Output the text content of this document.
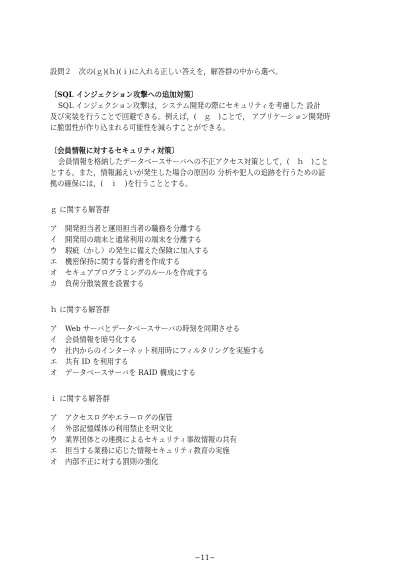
設問２　次の(ｇ)(ｈ)(ｉ)に入れる正しい答えを，解答群の中から選べ。

〔SQL インジェクション攻撃への追加対策〕

SQL インジェクション攻撃は，システム開発の際にセキュリティを考慮した 設計

及び実装を行うことで回避できる。例えば，(　ｇ　)ことで， アプリケーション開発時

に脆弱性が作り込まれる可能性を減らすことができる。

〔会員情報に対するセキュリティ対策〕

会員情報を格納したデータベースサーバへの不正アクセス対策として，(　ｈ　)こと

とする。また，情報漏えいが発生した場合の原因の 分析や犯人の追跡を行うための証

拠の確保には，(　ｉ　)を行うこととする。

ｇ に関する解答群

ア	開発担当者と運用担当者の職務を分離する
イ	開発用の端末と通常利用の端末を分離する
ウ	瑕疵（かし）の発生に備えた保険に加入する
エ	機密保持に関する誓約書を作成する
オ	セキュアプログラミングのルールを作成する
カ	負荷分散装置を設置する

ｈ に関する解答群

ア	Web サーバとデータベースサーバの時刻を同期させる
イ	会員情報を暗号化する
ウ	社内からのインターネット利用時にフィルタリングを実施する
エ	共有 ID を利用する
オ	データベースサーバを RAID 構成にする

ｉ に関する解答群

ア	アクセスログやエラーログの保管
イ	外部記憶媒体の利用禁止を明文化
ウ	業界団体との連携によるセキュリティ事故情報の共有
エ	担当する業務に応じた情報セキュリティ教育の実施
オ	内部不正に対する罰則の強化
−11−
